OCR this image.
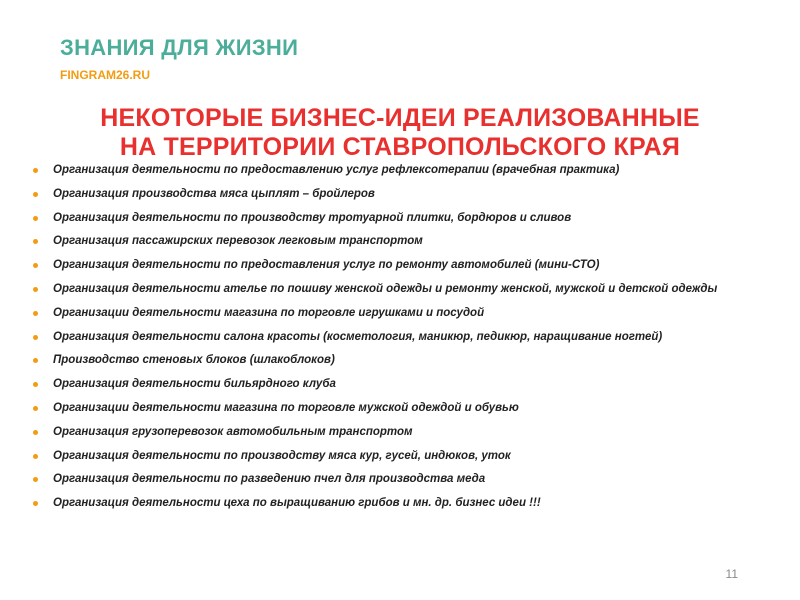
ЗНАНИЯ ДЛЯ ЖИЗНИ
FINGRAM26.RU
НЕКОТОРЫЕ БИЗНЕС-ИДЕИ РЕАЛИЗОВАННЫЕ
НА ТЕРРИТОРИИ СТАВРОПОЛЬСКОГО КРАЯ
Организация деятельности по предоставлению услуг рефлексотерапии (врачебная практика)
Организация производства мяса цыплят – бройлеров
Организация деятельности по производству тротуарной плитки, бордюров и сливов
Организация пассажирских перевозок легковым транспортом
Организация деятельности по предоставления услуг по ремонту автомобилей (мини-СТО)
Организация деятельности ателье по пошиву женской одежды и ремонту женской, мужской и детской одежды
Организации деятельности магазина по торговле игрушками и посудой
Организация деятельности салона красоты (косметология, маникюр, педикюр, наращивание ногтей)
Производство стеновых блоков (шлакоблоков)
Организация деятельности бильярдного клуба
Организации деятельности магазина по торговле мужской одеждой и обувью
Организация грузоперевозок автомобильным транспортом
Организация деятельности по производству мяса кур, гусей, индюков, уток
Организация деятельности по разведению пчел для производства меда
Организация деятельности цеха по выращиванию грибов и мн. др. бизнес идеи !!!
11
